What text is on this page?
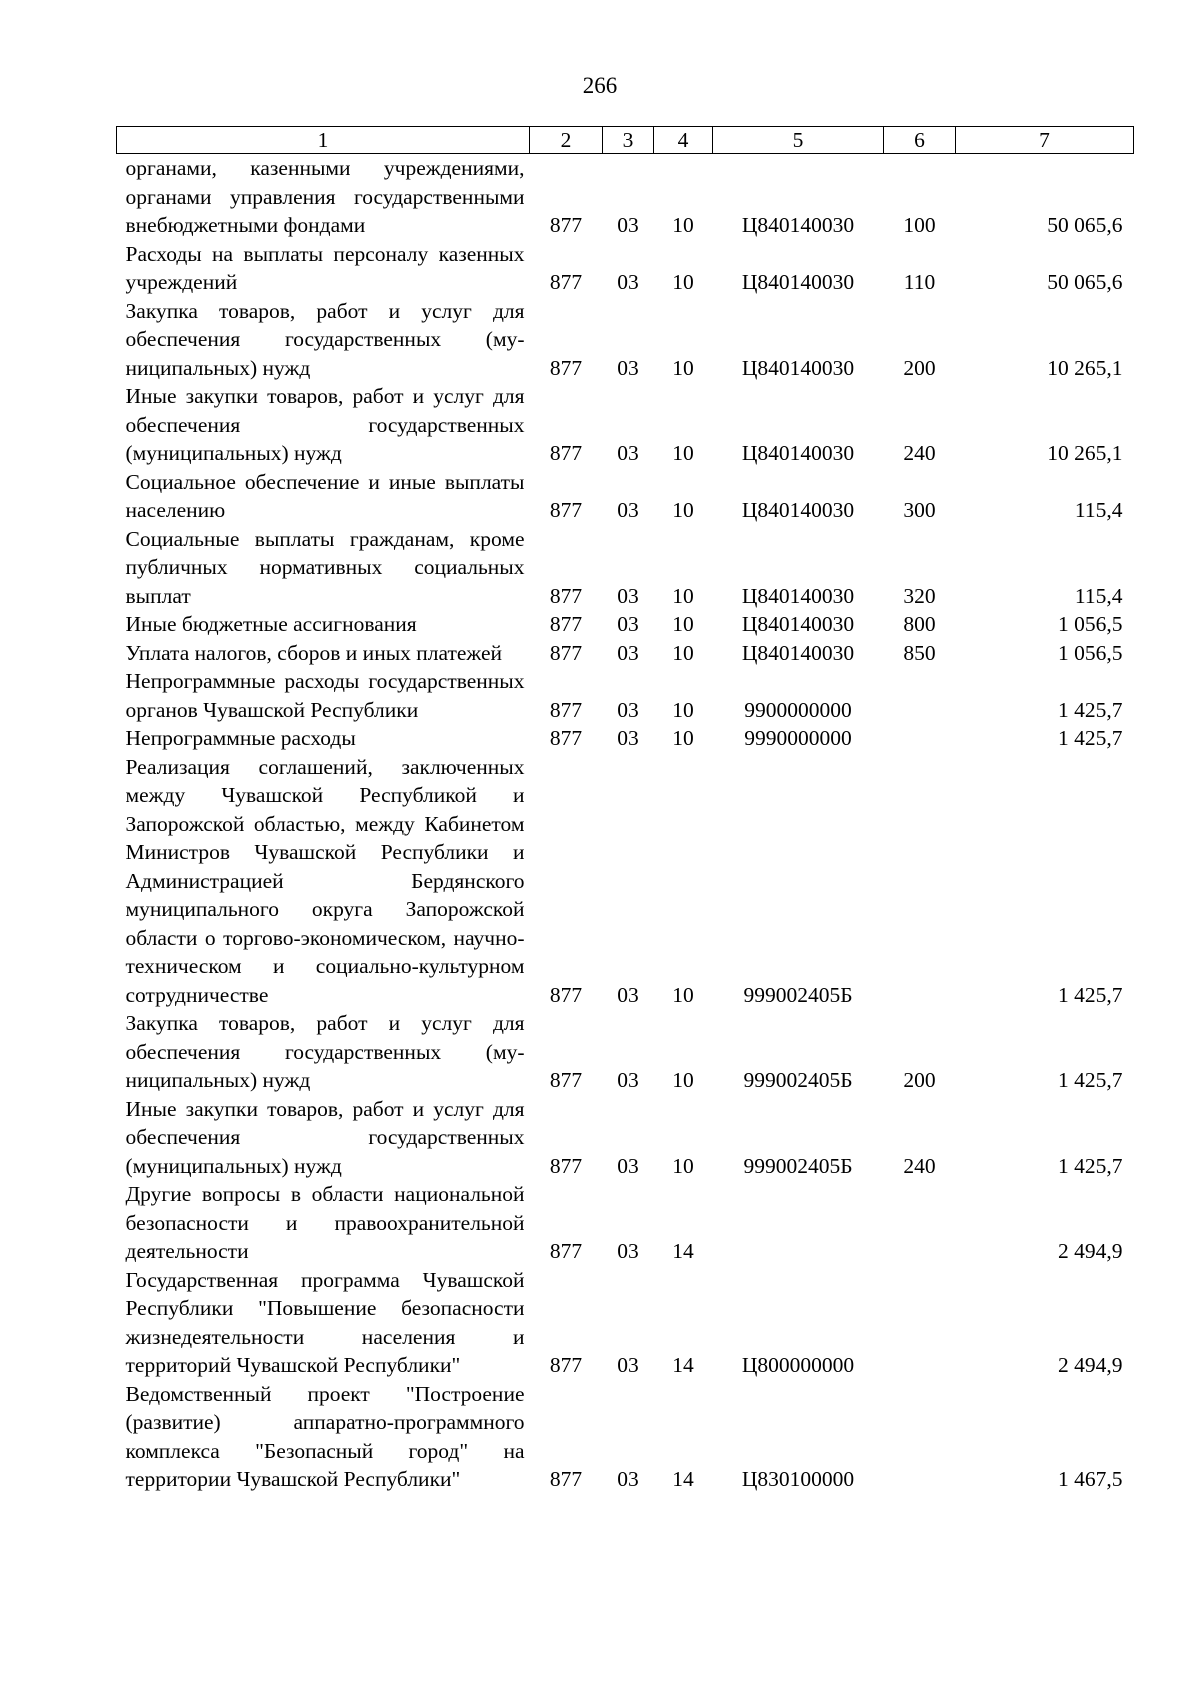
266
1	2	3	4	5	6	7
органами, казенными учреждениями, органами управления государственными внебюджетными фондами	877	03	10	Ц840140030	100	50 065,6
Расходы на выплаты персоналу казенных учреждений	877	03	10	Ц840140030	110	50 065,6
Закупка товаров, работ и услуг для обеспечения государственных (муниципальных) нужд	877	03	10	Ц840140030	200	10 265,1
Иные закупки товаров, работ и услуг для обеспечения государственных (муниципальных) нужд	877	03	10	Ц840140030	240	10 265,1
Социальное обеспечение и иные выплаты населению	877	03	10	Ц840140030	300	115,4
Социальные выплаты гражданам, кроме публичных нормативных социальных выплат	877	03	10	Ц840140030	320	115,4
Иные бюджетные ассигнования	877	03	10	Ц840140030	800	1 056,5
Уплата налогов, сборов и иных платежей	877	03	10	Ц840140030	850	1 056,5
Непрограммные расходы государственных органов Чувашской Республики	877	03	10	9900000000		1 425,7
Непрограммные расходы	877	03	10	9990000000		1 425,7
Реализация соглашений, заключенных между Чувашской Республикой и Запорожской областью, между Кабинетом Министров Чувашской Республики и Администрацией Бердянского муниципального округа Запорожской области о торгово-экономическом, научно-техническом и социально-культурном сотрудничестве	877	03	10	999002405Б		1 425,7
Закупка товаров, работ и услуг для обеспечения государственных (муниципальных) нужд	877	03	10	999002405Б	200	1 425,7
Иные закупки товаров, работ и услуг для обеспечения государственных (муниципальных) нужд	877	03	10	999002405Б	240	1 425,7
Другие вопросы в области национальной безопасности и правоохранительной деятельности	877	03	14			2 494,9
Государственная программа Чувашской Республики "Повышение безопасности жизнедеятельности населения и территорий Чувашской Республики"	877	03	14	Ц800000000		2 494,9
Ведомственный проект "Построение (развитие) аппаратно-программного комплекса "Безопасный город" на территории Чувашской Республики"	877	03	14	Ц830100000		1 467,5
